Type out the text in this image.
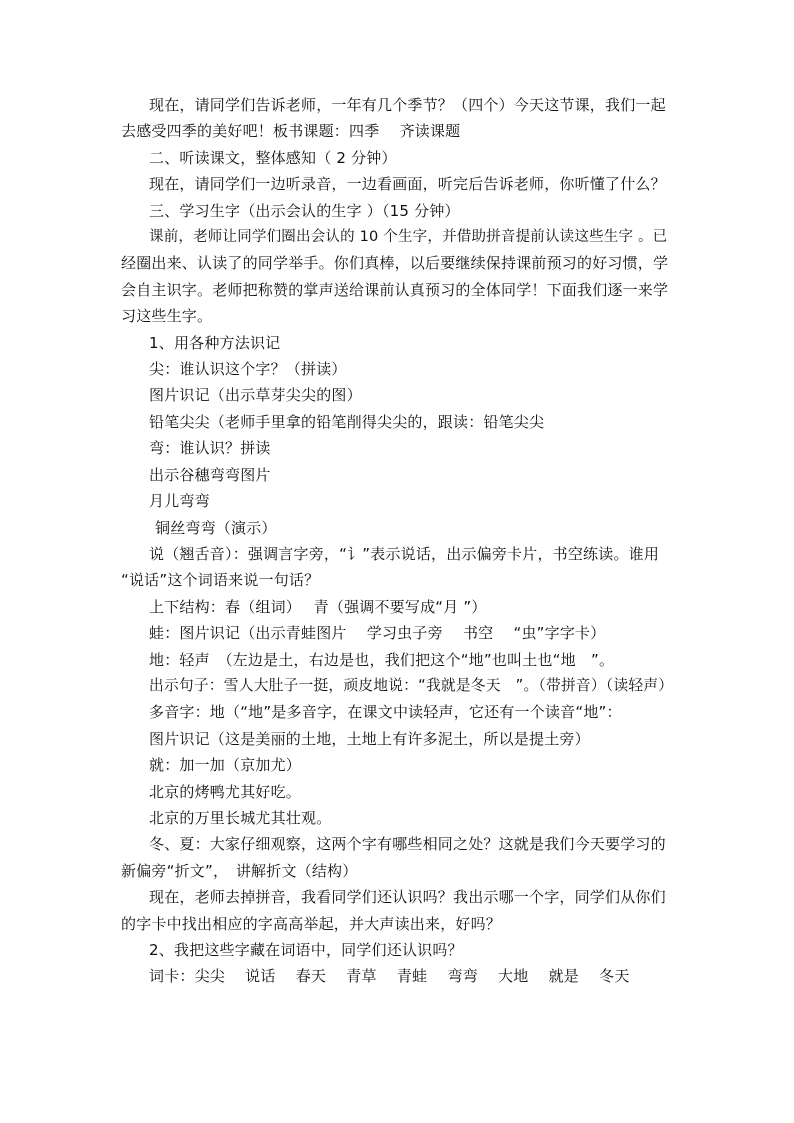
现在，请同学们告诉老师，一年有几个季节？（四个）今天这节课，我们一起
去感受四季的美好吧！板书课题：四季　 齐读课题
二、听读课文，整体感知（ 2 分钟）
现在，请同学们一边听录音，一边看画面，听完后告诉老师，你听懂了什么？
三、学习生字（出示会认的生字 ）（15 分钟）
课前，老师让同学们圈出会认的 10 个生字，并借助拼音提前认读这些生字 。已
经圈出来、认读了的同学举手。你们真棒，以后要继续保持课前预习的好习惯，学
会自主识字。老师把称赞的掌声送给课前认真预习的全体同学！下面我们逐一来学
习这些生字。
1、用各种方法识记
尖：谁认识这个字？（拼读）
图片识记（出示草芽尖尖的图）
铅笔尖尖（老师手里拿的铅笔削得尖尖的，跟读：铅笔尖尖
弯：谁认识？拼读
出示谷穗弯弯图片
月儿弯弯
铜丝弯弯（演示）
说（翘舌音）：强调言字旁，“讠”表示说话，出示偏旁卡片，书空练读。谁用
“说话”这个词语来说一句话？
上下结构：春（组词）　 青（强调不要写成“月 ”）
蛙：图片识记（出示青蛙图片　 学习虫子旁　 书空　 “虫”字字卡）
地：轻声　（左边是土，右边是也，我们把这个“地”也叫土也“地　”。
出示句子：雪人大肚子一挺，顽皮地说：“我就是冬天　”。（带拼音）（读轻声）
多音字：地（“地”是多音字，在课文中读轻声，它还有一个读音“地”：
图片识记（这是美丽的土地，土地上有许多泥土，所以是提土旁）
就：加一加（京加尤）
北京的烤鸭尤其好吃。
北京的万里长城尤其壮观。
冬、夏：大家仔细观察，这两个字有哪些相同之处？这就是我们今天要学习的
新偏旁“折文”，　讲解折文（结构）
现在，老师去掉拼音，我看同学们还认识吗？我出示哪一个字，同学们从你们
的字卡中找出相应的字高高举起，并大声读出来，好吗？
2、我把这些字藏在词语中，同学们还认识吗？
词卡：尖尖　 说话　 春天　 青草　 青蛙　 弯弯　 大地　 就是　 冬天
